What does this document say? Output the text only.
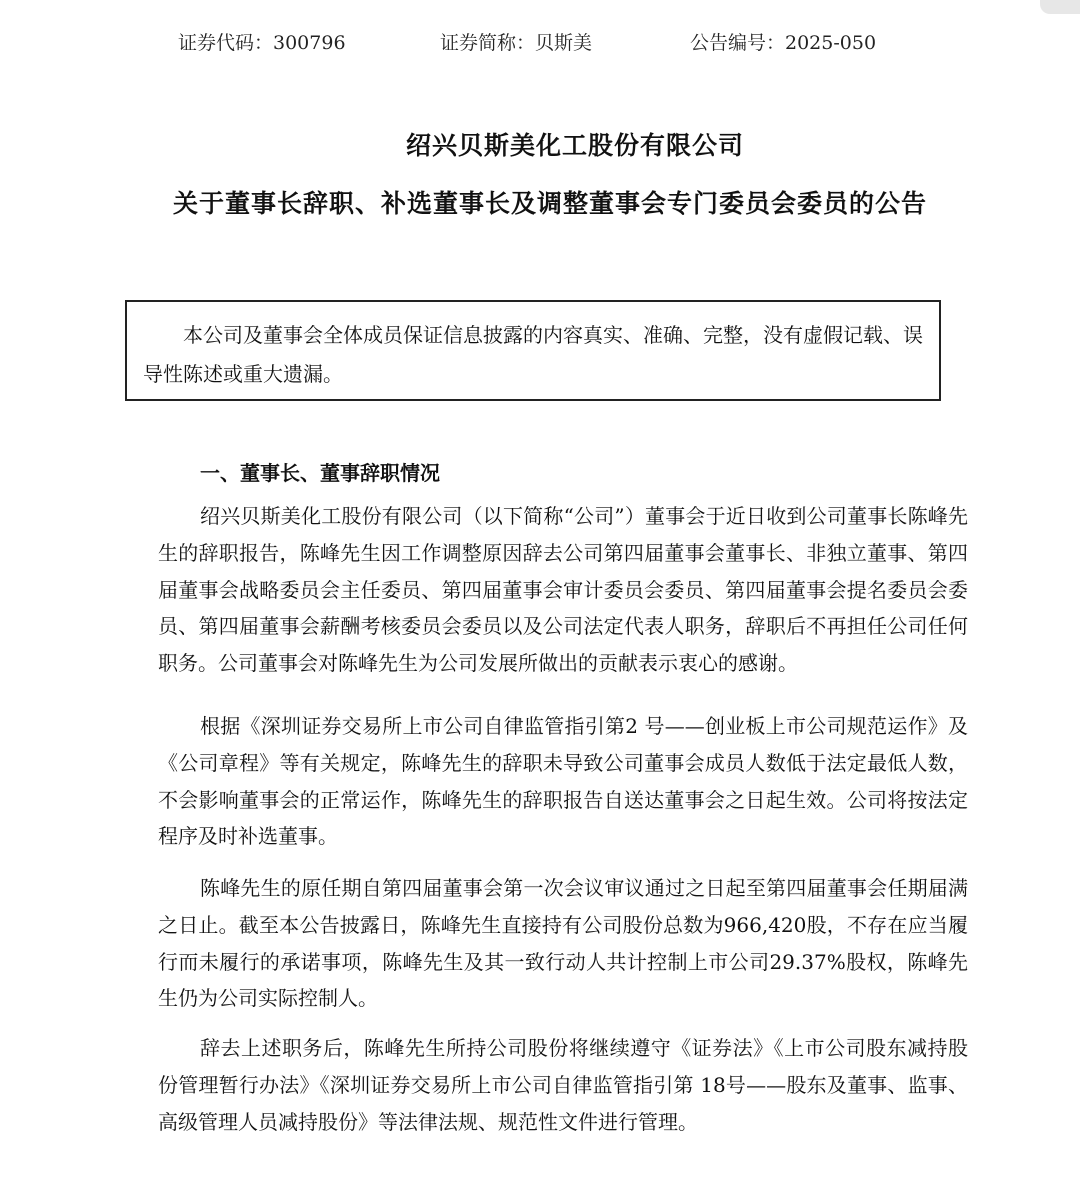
证券代码：300796	证券简称：贝斯美	公告编号：2025-050
绍兴贝斯美化工股份有限公司
关于董事长辞职、补选董事长及调整董事会专门委员会委员的公告

本公司及董事会全体成员保证信息披露的内容真实、准确、完整，没有虚假记载、误导性陈述或重大遗漏。

一、董事长、董事辞职情况

绍兴贝斯美化工股份有限公司（以下简称“公司”）董事会于近日收到公司董事长陈峰先生的辞职报告，陈峰先生因工作调整原因辞去公司第四届董事会董事长、非独立董事、第四届董事会战略委员会主任委员、第四届董事会审计委员会委员、第四届董事会提名委员会委员、第四届董事会薪酬考核委员会委员以及公司法定代表人职务，辞职后不再担任公司任何职务。公司董事会对陈峰先生为公司发展所做出的贡献表示衷心的感谢。

根据《深圳证券交易所上市公司自律监管指引第2 号——创业板上市公司规范运作》及《公司章程》等有关规定，陈峰先生的辞职未导致公司董事会成员人数低于法定最低人数，不会影响董事会的正常运作，陈峰先生的辞职报告自送达董事会之日起生效。公司将按法定程序及时补选董事。

陈峰先生的原任期自第四届董事会第一次会议审议通过之日起至第四届董事会任期届满之日止。截至本公告披露日，陈峰先生直接持有公司股份总数为966,420股，不存在应当履行而未履行的承诺事项，陈峰先生及其一致行动人共计控制上市公司29.37%股权，陈峰先生仍为公司实际控制人。

辞去上述职务后，陈峰先生所持公司股份将继续遵守《证券法》《上市公司股东减持股份管理暂行办法》《深圳证券交易所上市公司自律监管指引第 18号——股东及董事、监事、高级管理人员减持股份》等法律法规、规范性文件进行管理。
